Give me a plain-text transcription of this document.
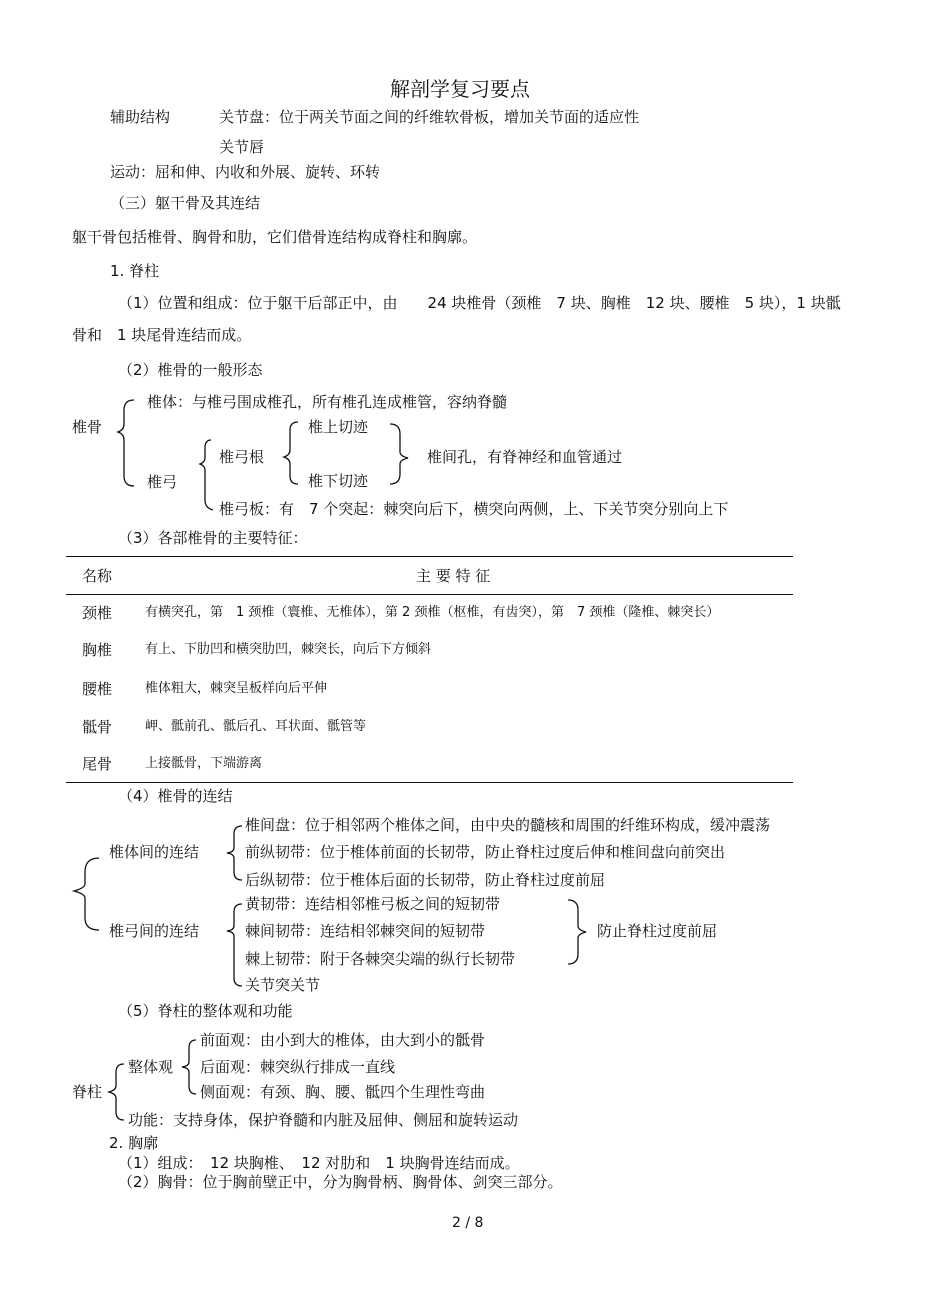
解剖学复习要点
辅助结构	关节盘：位于两关节面之间的纤维软骨板，增加关节面的适应性
关节唇
运动：屈和伸、内收和外展、旋转、环转
（三）躯干骨及其连结
躯干骨包括椎骨、胸骨和肋，它们借骨连结构成脊柱和胸廓。
1. 脊柱
（1）位置和组成：位于躯干后部正中，由　　24 块椎骨（颈椎　7 块、胸椎　12 块、腰椎　5 块），1 块骶
骨和　1 块尾骨连结而成。
（2）椎骨的一般形态
椎骨
椎体：与椎弓围成椎孔，所有椎孔连成椎管，容纳脊髓
椎弓
椎弓根
椎上切迹
椎下切迹
椎间孔，有脊神经和血管通过
椎弓板：有　7 个突起：棘突向后下，横突向两侧，上、下关节突分别向上下
（3）各部椎骨的主要特征：
名称	主 要 特 征
颈椎	有横突孔，第　1 颈椎（寰椎、无椎体），第 2 颈椎（枢椎，有齿突），第　7 颈椎（隆椎、棘突长）
胸椎	有上、下肋凹和横突肋凹，棘突长，向后下方倾斜
腰椎	椎体粗大，棘突呈板样向后平伸
骶骨	岬、骶前孔、骶后孔、耳状面、骶管等
尾骨	上接骶骨，下端游离
（4）椎骨的连结
椎体间的连结
椎间盘：位于相邻两个椎体之间，由中央的髓核和周围的纤维环构成，缓冲震荡
前纵韧带：位于椎体前面的长韧带，防止脊柱过度后伸和椎间盘向前突出
后纵韧带：位于椎体后面的长韧带，防止脊柱过度前屈
椎弓间的连结
黄韧带：连结相邻椎弓板之间的短韧带
棘间韧带：连结相邻棘突间的短韧带
棘上韧带：附于各棘突尖端的纵行长韧带
关节突关节
防止脊柱过度前屈
（5）脊柱的整体观和功能
脊柱
整体观
前面观：由小到大的椎体，由大到小的骶骨
后面观：棘突纵行排成一直线
侧面观：有颈、胸、腰、骶四个生理性弯曲
功能：支持身体，保护脊髓和内脏及屈伸、侧屈和旋转运动
2. 胸廓
（1）组成：　12 块胸椎、　12 对肋和　1 块胸骨连结而成。
（2）胸骨：位于胸前壁正中，分为胸骨柄、胸骨体、剑突三部分。
2 / 8
